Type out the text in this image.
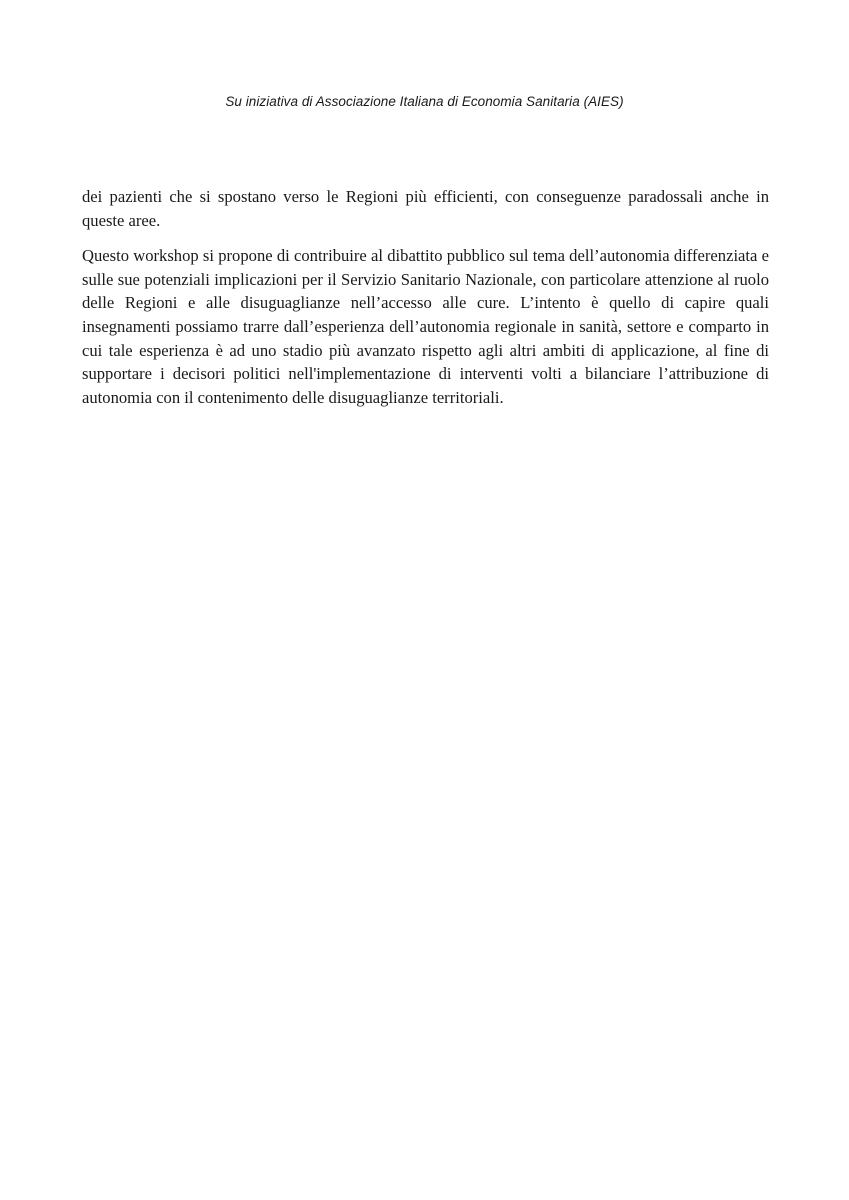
Su iniziativa di Associazione Italiana di Economia Sanitaria (AIES)

dei pazienti che si spostano verso le Regioni più efficienti, con conseguenze paradossali anche in queste aree.

Questo workshop si propone di contribuire al dibattito pubblico sul tema dell’autonomia differenziata e sulle sue potenziali implicazioni per il Servizio Sanitario Nazionale, con particolare attenzione al ruolo delle Regioni e alle disuguaglianze nell’accesso alle cure. L’intento è quello di capire quali insegnamenti possiamo trarre dall’esperienza dell’autonomia regionale in sanità, settore e comparto in cui tale esperienza è ad uno stadio più avanzato rispetto agli altri ambiti di applicazione, al fine di supportare i decisori politici nell'implementazione di interventi volti a bilanciare l’attribuzione di autonomia con il contenimento delle disuguaglianze territoriali.
